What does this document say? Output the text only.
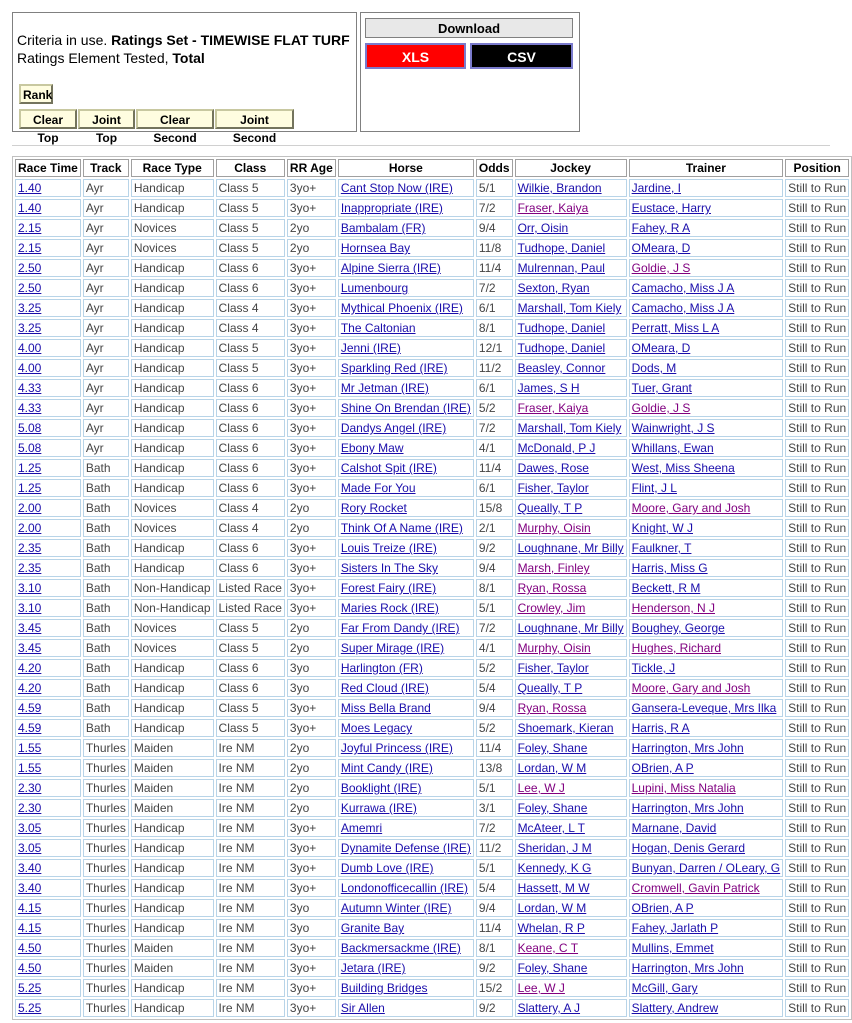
Criteria in use. Ratings Set - TIMEWISE FLAT TURF
Ratings Element Tested, Total
Rank
Clear Top
Joint Top
Clear Second
Joint Second
Download
XLS	CSV
Race Time	Track	Race Type	Class	RR Age	Horse	Odds	Jockey	Trainer	Position
1.40	Ayr	Handicap	Class 5	3yo+	Cant Stop Now (IRE)	5/1	Wilkie, Brandon	Jardine, I	Still to Run
1.40	Ayr	Handicap	Class 5	3yo+	Inappropriate (IRE)	7/2	Fraser, Kaiya	Eustace, Harry	Still to Run
2.15	Ayr	Novices	Class 5	2yo	Bambalam (FR)	9/4	Orr, Oisin	Fahey, R A	Still to Run
2.15	Ayr	Novices	Class 5	2yo	Hornsea Bay	11/8	Tudhope, Daniel	OMeara, D	Still to Run
2.50	Ayr	Handicap	Class 6	3yo+	Alpine Sierra (IRE)	11/4	Mulrennan, Paul	Goldie, J S	Still to Run
2.50	Ayr	Handicap	Class 6	3yo+	Lumenbourg	7/2	Sexton, Ryan	Camacho, Miss J A	Still to Run
3.25	Ayr	Handicap	Class 4	3yo+	Mythical Phoenix (IRE)	6/1	Marshall, Tom Kiely	Camacho, Miss J A	Still to Run
3.25	Ayr	Handicap	Class 4	3yo+	The Caltonian	8/1	Tudhope, Daniel	Perratt, Miss L A	Still to Run
4.00	Ayr	Handicap	Class 5	3yo+	Jenni (IRE)	12/1	Tudhope, Daniel	OMeara, D	Still to Run
4.00	Ayr	Handicap	Class 5	3yo+	Sparkling Red (IRE)	11/2	Beasley, Connor	Dods, M	Still to Run
4.33	Ayr	Handicap	Class 6	3yo+	Mr Jetman (IRE)	6/1	James, S H	Tuer, Grant	Still to Run
4.33	Ayr	Handicap	Class 6	3yo+	Shine On Brendan (IRE)	5/2	Fraser, Kaiya	Goldie, J S	Still to Run
5.08	Ayr	Handicap	Class 6	3yo+	Dandys Angel (IRE)	7/2	Marshall, Tom Kiely	Wainwright, J S	Still to Run
5.08	Ayr	Handicap	Class 6	3yo+	Ebony Maw	4/1	McDonald, P J	Whillans, Ewan	Still to Run
1.25	Bath	Handicap	Class 6	3yo+	Calshot Spit (IRE)	11/4	Dawes, Rose	West, Miss Sheena	Still to Run
1.25	Bath	Handicap	Class 6	3yo+	Made For You	6/1	Fisher, Taylor	Flint, J L	Still to Run
2.00	Bath	Novices	Class 4	2yo	Rory Rocket	15/8	Queally, T P	Moore, Gary and Josh	Still to Run
2.00	Bath	Novices	Class 4	2yo	Think Of A Name (IRE)	2/1	Murphy, Oisin	Knight, W J	Still to Run
2.35	Bath	Handicap	Class 6	3yo+	Louis Treize (IRE)	9/2	Loughnane, Mr Billy	Faulkner, T	Still to Run
2.35	Bath	Handicap	Class 6	3yo+	Sisters In The Sky	9/4	Marsh, Finley	Harris, Miss G	Still to Run
3.10	Bath	Non-Handicap	Listed Race	3yo+	Forest Fairy (IRE)	8/1	Ryan, Rossa	Beckett, R M	Still to Run
3.10	Bath	Non-Handicap	Listed Race	3yo+	Maries Rock (IRE)	5/1	Crowley, Jim	Henderson, N J	Still to Run
3.45	Bath	Novices	Class 5	2yo	Far From Dandy (IRE)	7/2	Loughnane, Mr Billy	Boughey, George	Still to Run
3.45	Bath	Novices	Class 5	2yo	Super Mirage (IRE)	4/1	Murphy, Oisin	Hughes, Richard	Still to Run
4.20	Bath	Handicap	Class 6	3yo	Harlington (FR)	5/2	Fisher, Taylor	Tickle, J	Still to Run
4.20	Bath	Handicap	Class 6	3yo	Red Cloud (IRE)	5/4	Queally, T P	Moore, Gary and Josh	Still to Run
4.59	Bath	Handicap	Class 5	3yo+	Miss Bella Brand	9/4	Ryan, Rossa	Gansera-Leveque, Mrs Ilka	Still to Run
4.59	Bath	Handicap	Class 5	3yo+	Moes Legacy	5/2	Shoemark, Kieran	Harris, R A	Still to Run
1.55	Thurles	Maiden	Ire NM	2yo	Joyful Princess (IRE)	11/4	Foley, Shane	Harrington, Mrs John	Still to Run
1.55	Thurles	Maiden	Ire NM	2yo	Mint Candy (IRE)	13/8	Lordan, W M	OBrien, A P	Still to Run
2.30	Thurles	Maiden	Ire NM	2yo	Booklight (IRE)	5/1	Lee, W J	Lupini, Miss Natalia	Still to Run
2.30	Thurles	Maiden	Ire NM	2yo	Kurrawa (IRE)	3/1	Foley, Shane	Harrington, Mrs John	Still to Run
3.05	Thurles	Handicap	Ire NM	3yo+	Amemri	7/2	McAteer, L T	Marnane, David	Still to Run
3.05	Thurles	Handicap	Ire NM	3yo+	Dynamite Defense (IRE)	11/2	Sheridan, J M	Hogan, Denis Gerard	Still to Run
3.40	Thurles	Handicap	Ire NM	3yo+	Dumb Love (IRE)	5/1	Kennedy, K G	Bunyan, Darren / OLeary, G	Still to Run
3.40	Thurles	Handicap	Ire NM	3yo+	Londonofficecallin (IRE)	5/4	Hassett, M W	Cromwell, Gavin Patrick	Still to Run
4.15	Thurles	Handicap	Ire NM	3yo	Autumn Winter (IRE)	9/4	Lordan, W M	OBrien, A P	Still to Run
4.15	Thurles	Handicap	Ire NM	3yo	Granite Bay	11/4	Whelan, R P	Fahey, Jarlath P	Still to Run
4.50	Thurles	Maiden	Ire NM	3yo+	Backmersackme (IRE)	8/1	Keane, C T	Mullins, Emmet	Still to Run
4.50	Thurles	Maiden	Ire NM	3yo+	Jetara (IRE)	9/2	Foley, Shane	Harrington, Mrs John	Still to Run
5.25	Thurles	Handicap	Ire NM	3yo+	Building Bridges	15/2	Lee, W J	McGill, Gary	Still to Run
5.25	Thurles	Handicap	Ire NM	3yo+	Sir Allen	9/2	Slattery, A J	Slattery, Andrew	Still to Run
